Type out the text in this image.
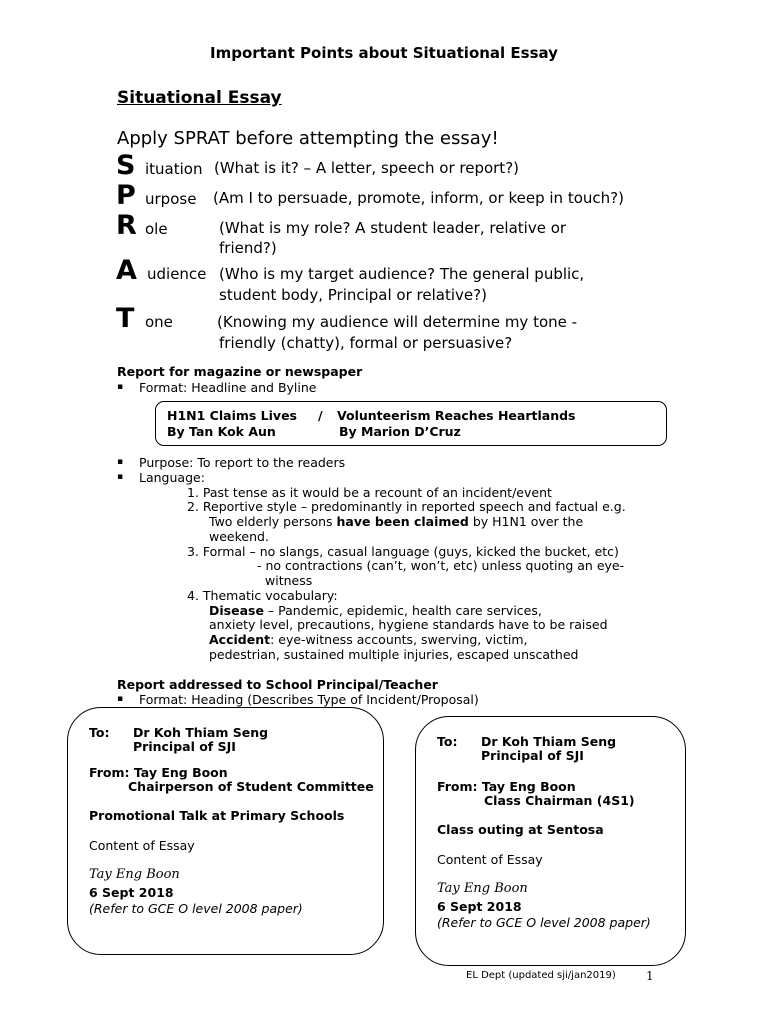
Important Points about Situational Essay
Situational Essay
Apply SPRAT before attempting the essay!
S ituation (What is it? – A letter, speech or report?)
P urpose (Am I to persuade, promote, inform, or keep in touch?)
R ole	(What is my role? A student leader, relative or
friend?)
A udience (Who is my target audience? The general public,
student body, Principal or relative?)
T one	(Knowing my audience will determine my tone -
friendly (chatty), formal or persuasive?
Report for magazine or newspaper
▪ Format: Headline and Byline
H1N1 Claims Lives / Volunteerism Reaches Heartlands
By Tan Kok Aun	By Marion D’Cruz
▪ Purpose: To report to the readers
▪ Language:
1. Past tense as it would be a recount of an incident/event
2. Reportive style – predominantly in reported speech and factual e.g.
Two elderly persons have been claimed by H1N1 over the
weekend.
3. Formal – no slangs, casual language (guys, kicked the bucket, etc)
- no contractions (can’t, won’t, etc) unless quoting an eye-
witness
4. Thematic vocabulary:
Disease – Pandemic, epidemic, health care services,
anxiety level, precautions, hygiene standards have to be raised
Accident: eye-witness accounts, swerving, victim,
pedestrian, sustained multiple injuries, escaped unscathed
Report addressed to School Principal/Teacher
▪ Format: Heading (Describes Type of Incident/Proposal)
To: Dr Koh Thiam Seng
Principal of SJI
From: Tay Eng Boon
Chairperson of Student Committee
Promotional Talk at Primary Schools
Content of Essay
Tay Eng Boon
6 Sept 2018
(Refer to GCE O level 2008 paper)
To: Dr Koh Thiam Seng
Principal of SJI
From: Tay Eng Boon
Class Chairman (4S1)
Class outing at Sentosa
Content of Essay
Tay Eng Boon
6 Sept 2018
(Refer to GCE O level 2008 paper)
EL Dept (updated sji/jan2019)	1
